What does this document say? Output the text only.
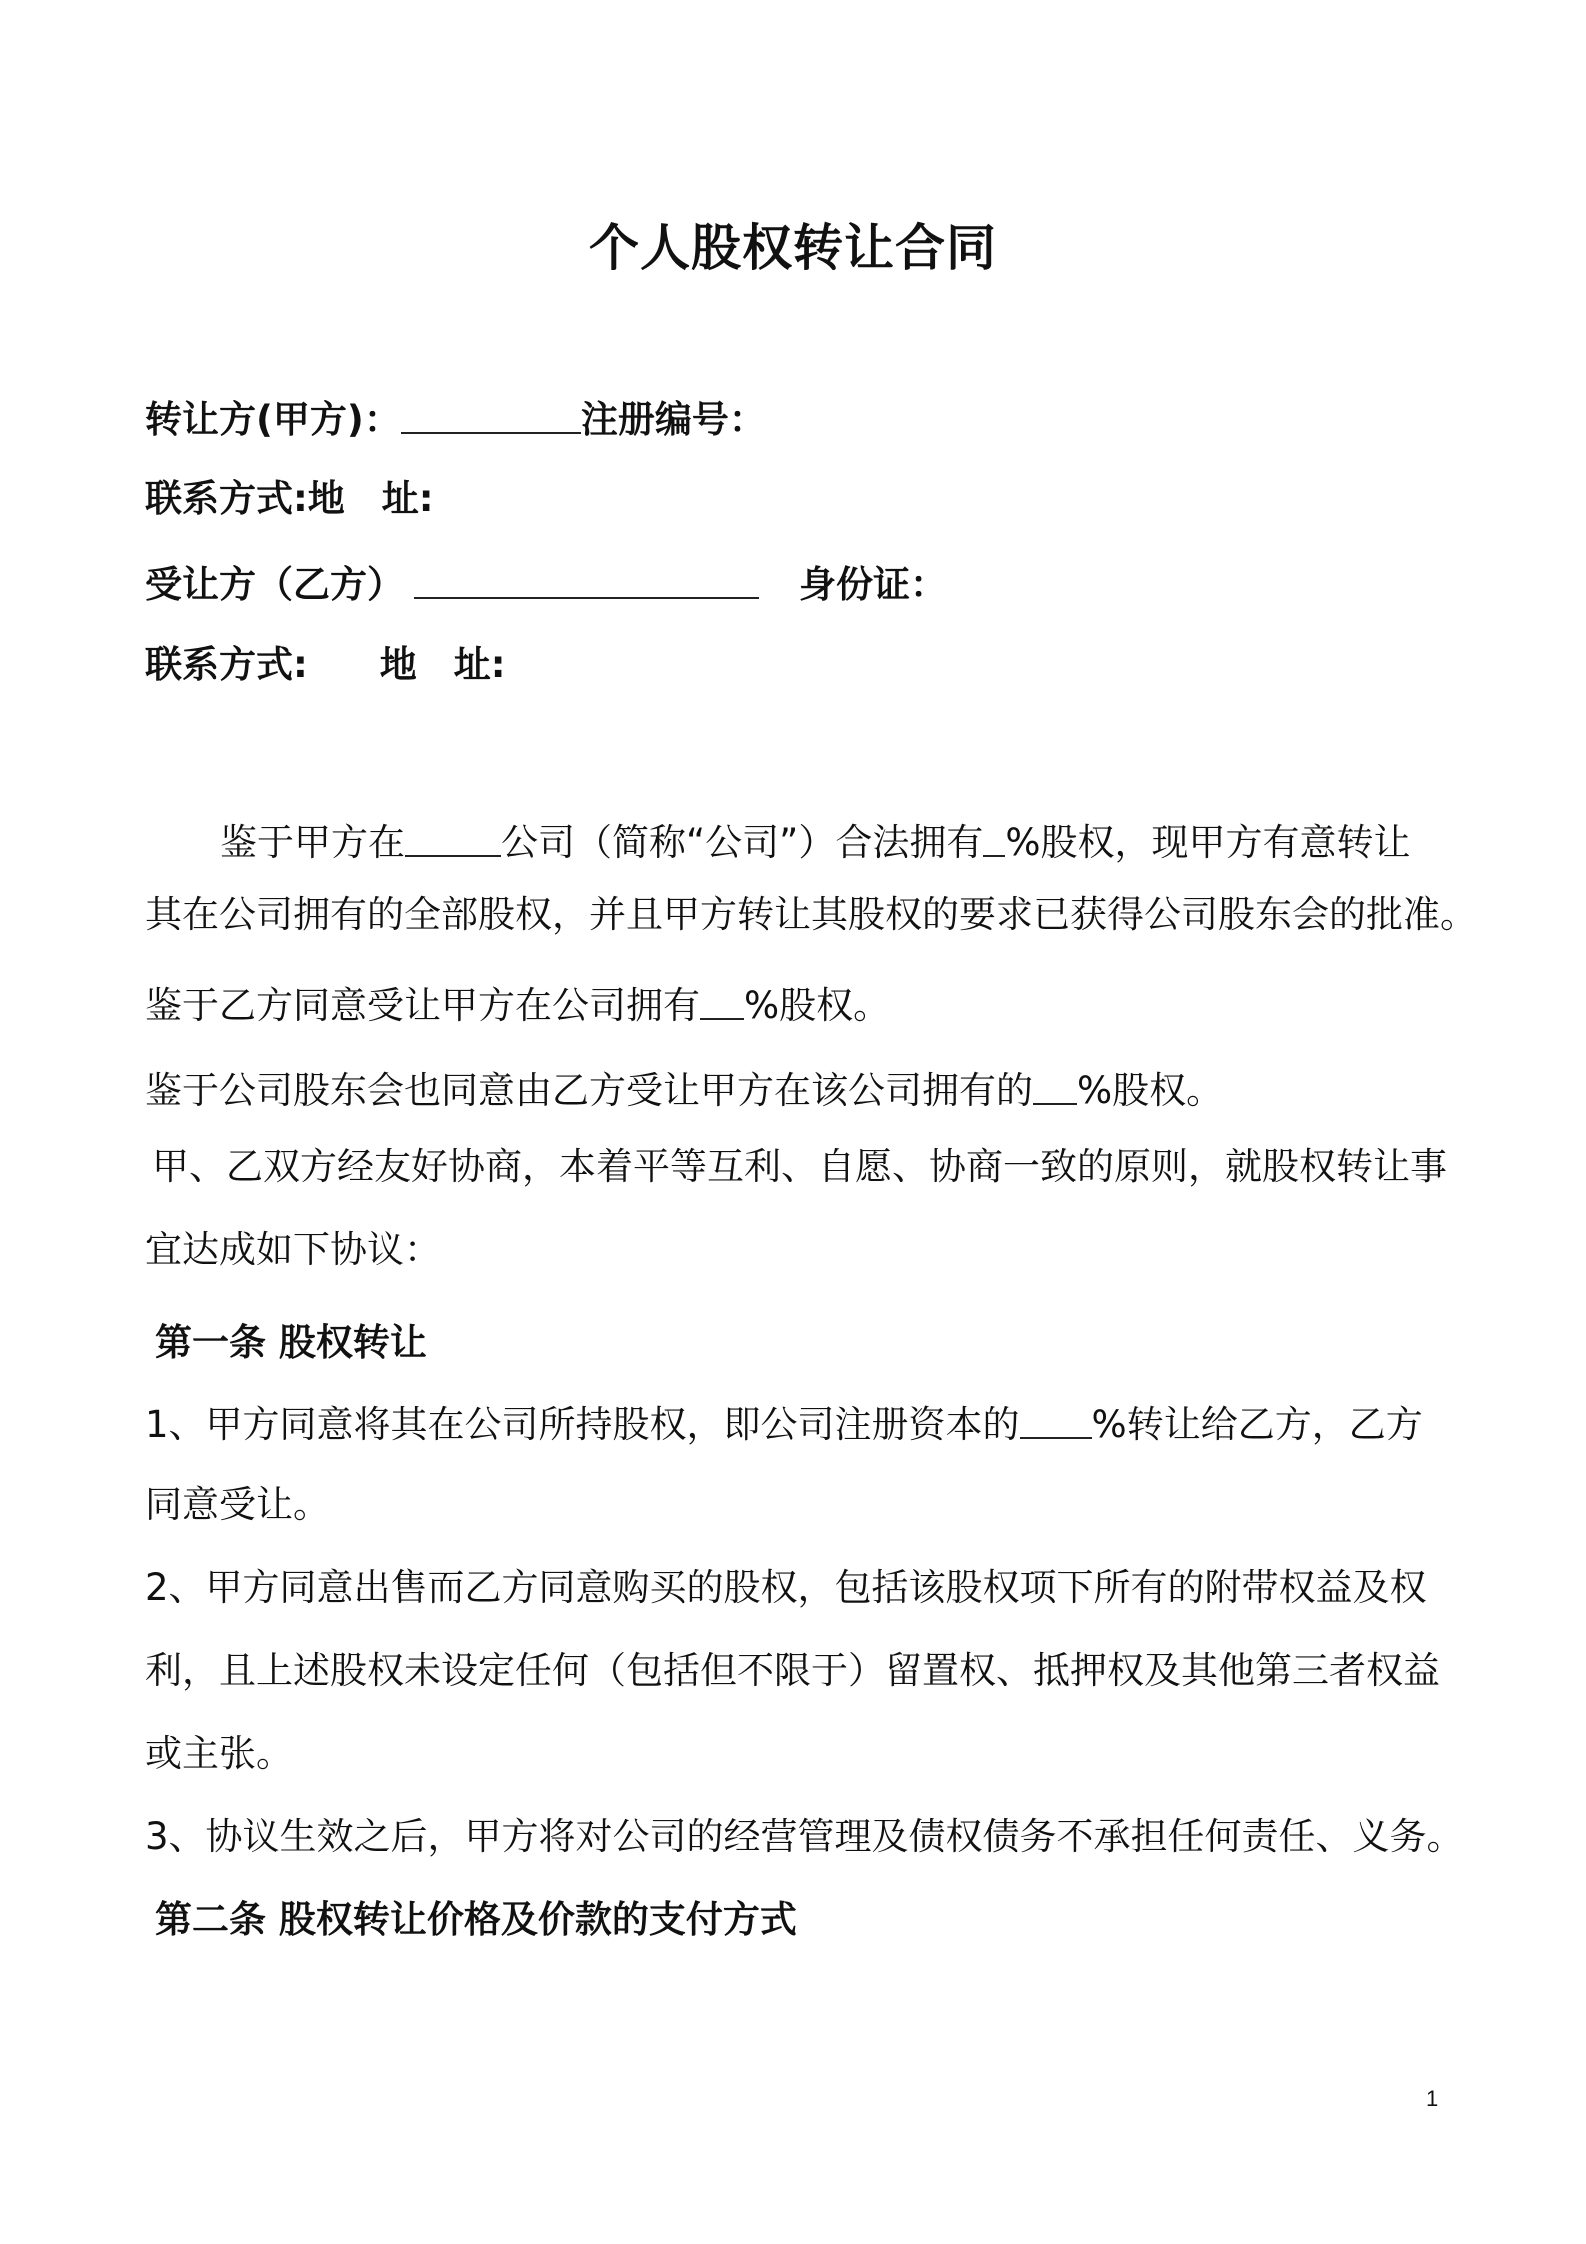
个人股权转让合同
转让方(甲方)：	注册编号：
联系方式:地　址:
受让方（乙方）	身份证：
联系方式: 地　址:
鉴于甲方在	公司（简称“公司”）合法拥有 %股权，现甲方有意转让
其在公司拥有的全部股权，并且甲方转让其股权的要求已获得公司股东会的批准。
鉴于乙方同意受让甲方在公司拥有 %股权。
鉴于公司股东会也同意由乙方受让甲方在该公司拥有的 %股权。
甲、乙双方经友好协商，本着平等互利、自愿、协商一致的原则，就股权转让事
宜达成如下协议：
第一条 股权转让
1、甲方同意将其在公司所持股权，即公司注册资本的 %转让给乙方，乙方
同意受让。
2、甲方同意出售而乙方同意购买的股权，包括该股权项下所有的附带权益及权
利，且上述股权未设定任何（包括但不限于）留置权、抵押权及其他第三者权益
或主张。
3、协议生效之后，甲方将对公司的经营管理及债权债务不承担任何责任、义务。
第二条 股权转让价格及价款的支付方式
1
